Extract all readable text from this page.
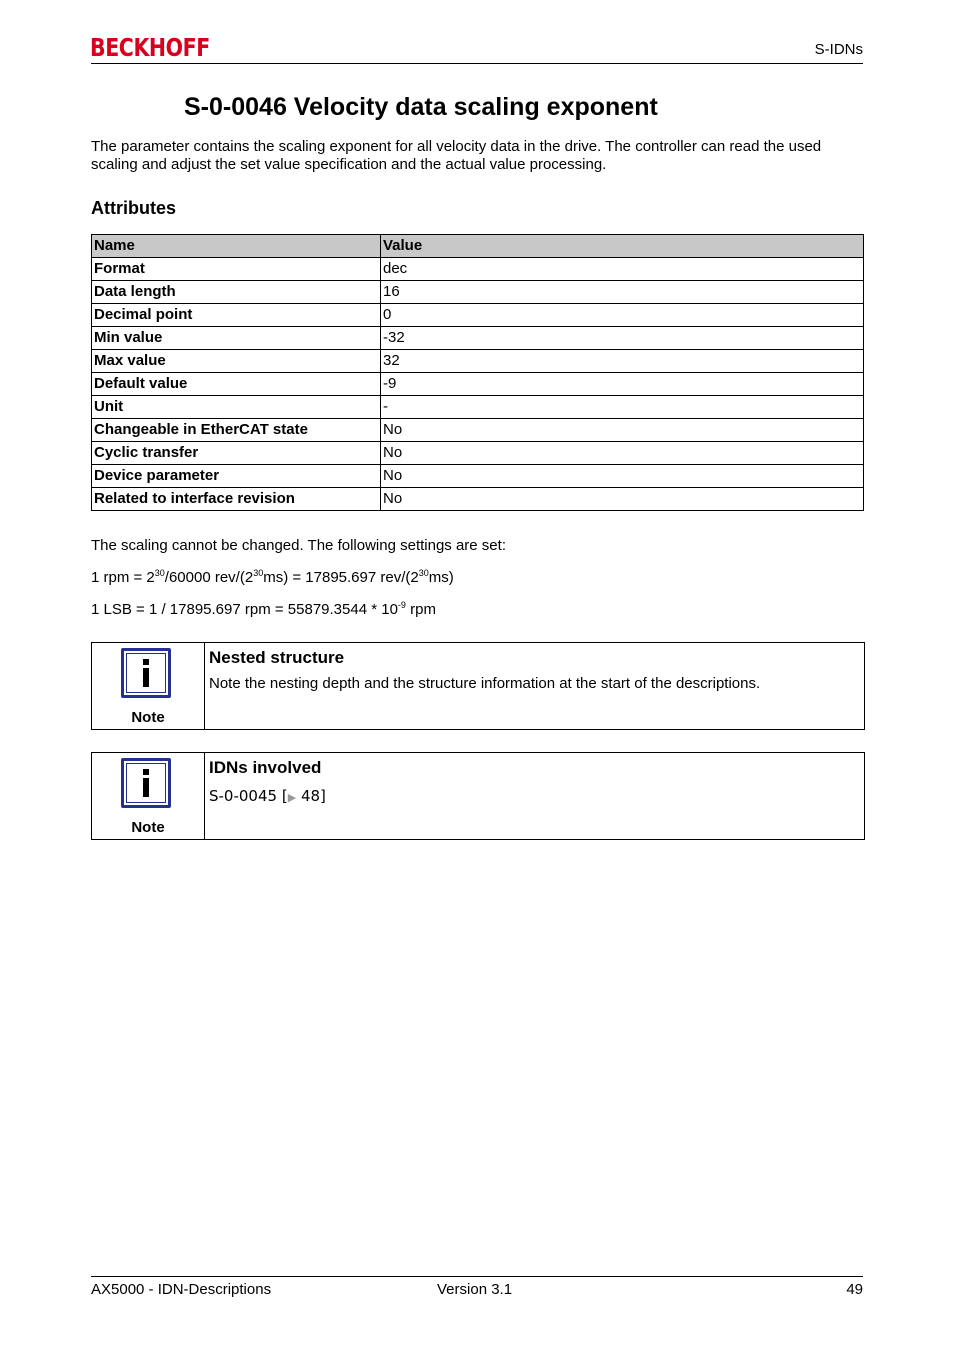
BECKHOFF	S-IDNs
S-0-0046 Velocity data scaling exponent

The parameter contains the scaling exponent for all velocity data in the drive. The controller can read the used scaling and adjust the set value specification and the actual value processing.

Attributes
Name	Value
Format	dec
Data length	16
Decimal point	0
Min value	-32
Max value	32
Default value	-9
Unit	-
Changeable in EtherCAT state	No
Cyclic transfer	No
Device parameter	No
Related to interface revision	No

The scaling cannot be changed. The following settings are set:

1 rpm = $2^{30}/60000$ rev/$(2^{30}ms) = 17895.697$ rev/$(2^{30}ms)$

1 LSB = 1 / 17895.697 rpm = $55879.3544 * 10^{-9}$ rpm

Note
Nested structure
Note the nesting depth and the structure information at the start of the descriptions.
Note
IDNs involved
S-0-0045 [▶ 48]
AX5000 - IDN-Descriptions	Version 3.1	49
